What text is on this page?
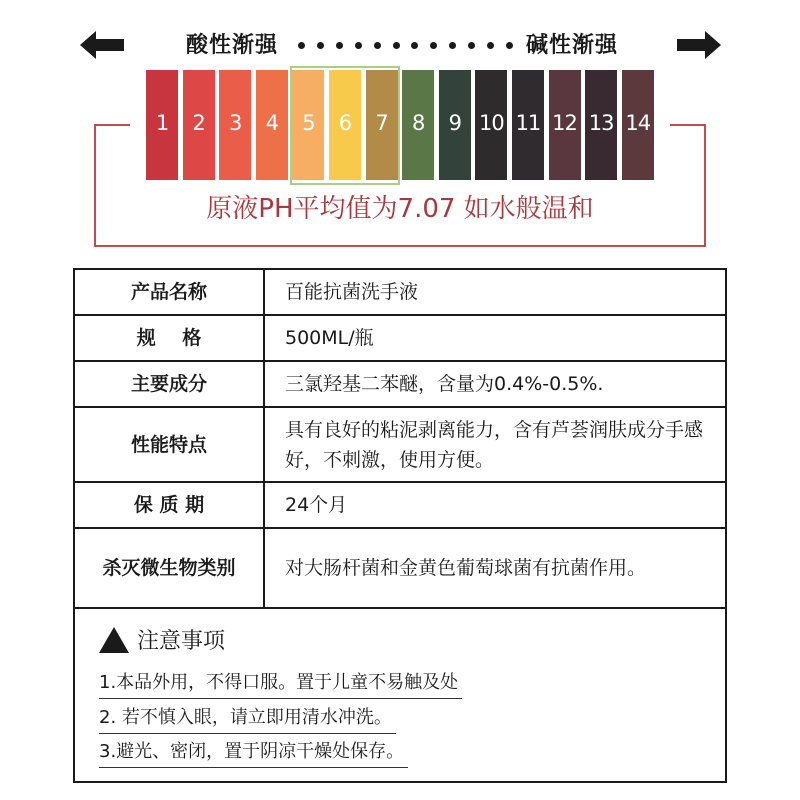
酸性渐强	碱性渐强
1	2	3	4	5	6	7	8	9 10 11 12 13 14
原液PH平均值为7.07 如水般温和
产品名称	百能抗菌洗手液
规    格	500ML/瓶
主要成分	三氯羟基二苯醚，含量为0.4%-0.5%.
性能特点	具有良好的粘泥剥离能力，含有芦荟润肤成分手感好，不刺激，使用方便。
保 质 期	24个月
杀灭微生物类别	对大肠杆菌和金黄色葡萄球菌有抗菌作用。
注意事项
1.本品外用，不得口服。置于儿童不易触及处
2. 若不慎入眼，请立即用清水冲洗。
3.避光、密闭，置于阴凉干燥处保存。
